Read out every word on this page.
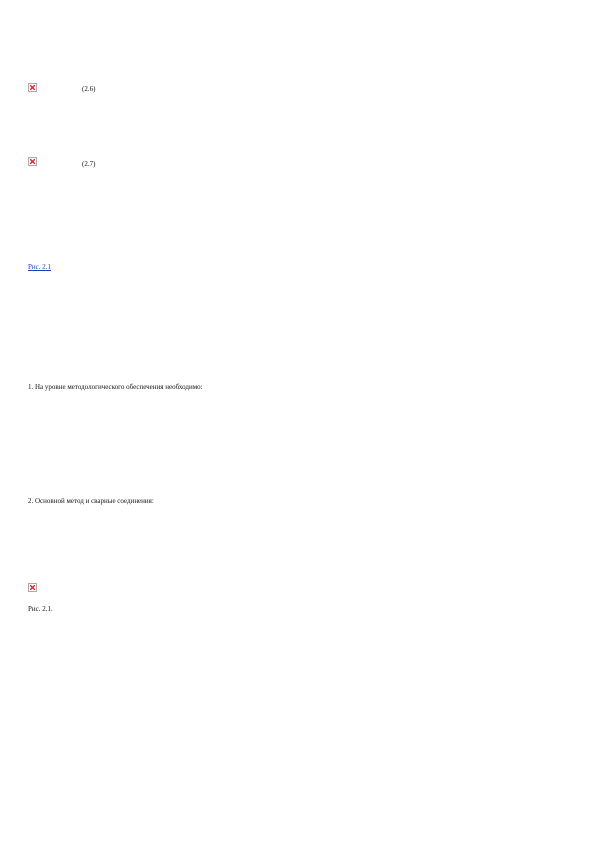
(2.6)
(2.7)
Рис. 2.1
1. На уровне методологического обеспечения необходимо:
2. Основной метод и сварные соединения:
Рис. 2.1.
